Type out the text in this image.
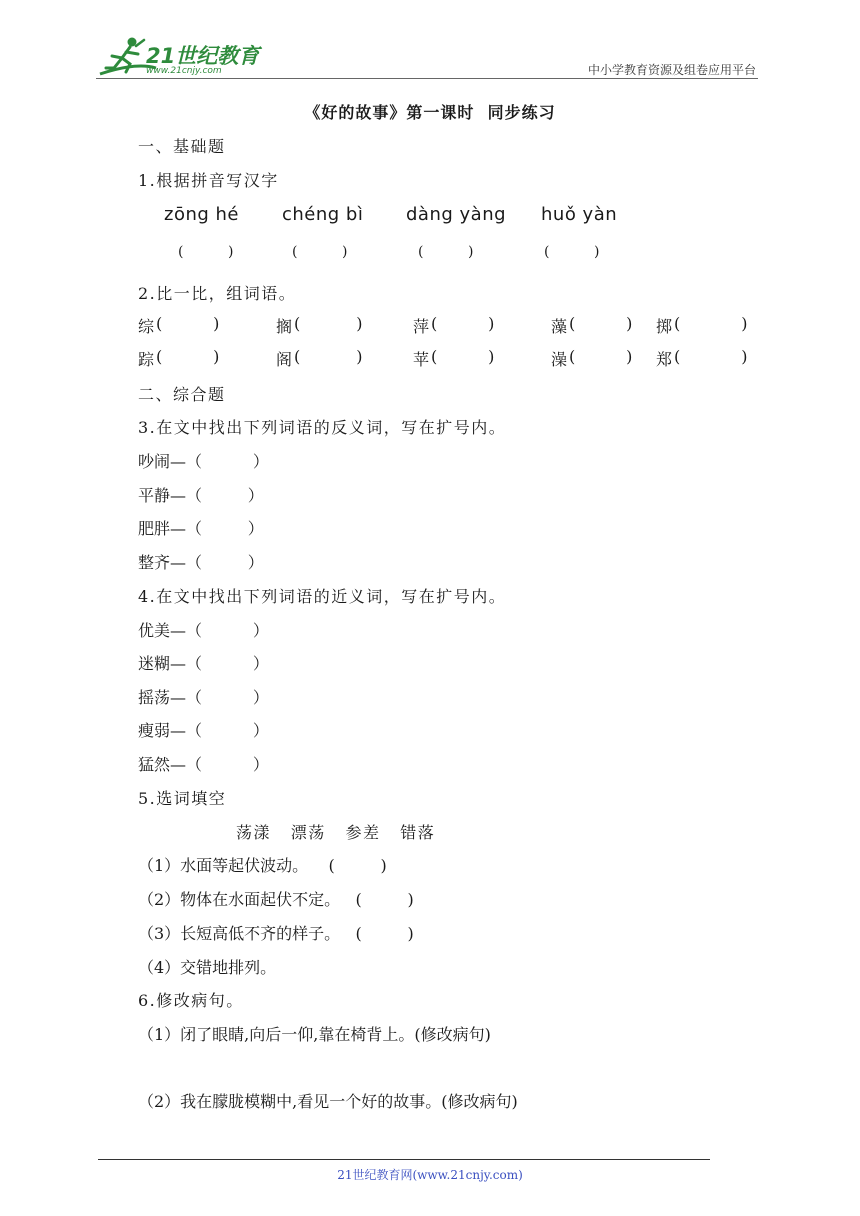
21世纪教育
www.21cnjy.com	中小学教育资源及组卷应用平台
《好的故事》第一课时  同步练习
一、基础题
1.根据拼音写汉字
zōng hé chéng bì dàng yàng huǒ yàn
(          )	(          )	(          )	(          )
2.比一比，组词语。
综 (          )	搁 (           )	萍 (          )	藻 (          ) 掷 (            )
踪 (          )	阁 (           )	苹 (          )	澡 (          ) 郑 (            )
二、综合题
3.在文中找出下列词语的反义词，写在扩号内。
吵闹—（          ）
平静—（         ）
肥胖—（         ）
整齐—（         ）
4.在文中找出下列词语的近义词，写在扩号内。
优美—（          ）
迷糊—（          ）
摇荡—（          ）
瘦弱—（          ）
猛然—（          ）
5.选词填空
荡漾   漂荡   参差   错落
（1）水面等起伏波动。    (         )
（2）物体在水面起伏不定。   (         )
（3）长短高低不齐的样子。   (         )
（4）交错地排列。
6.修改病句。
（1）闭了眼睛,向后一仰,靠在椅背上。(修改病句)
（2）我在朦胧模糊中,看见一个好的故事。(修改病句)
21世纪教育网(www.21cnjy.com)
